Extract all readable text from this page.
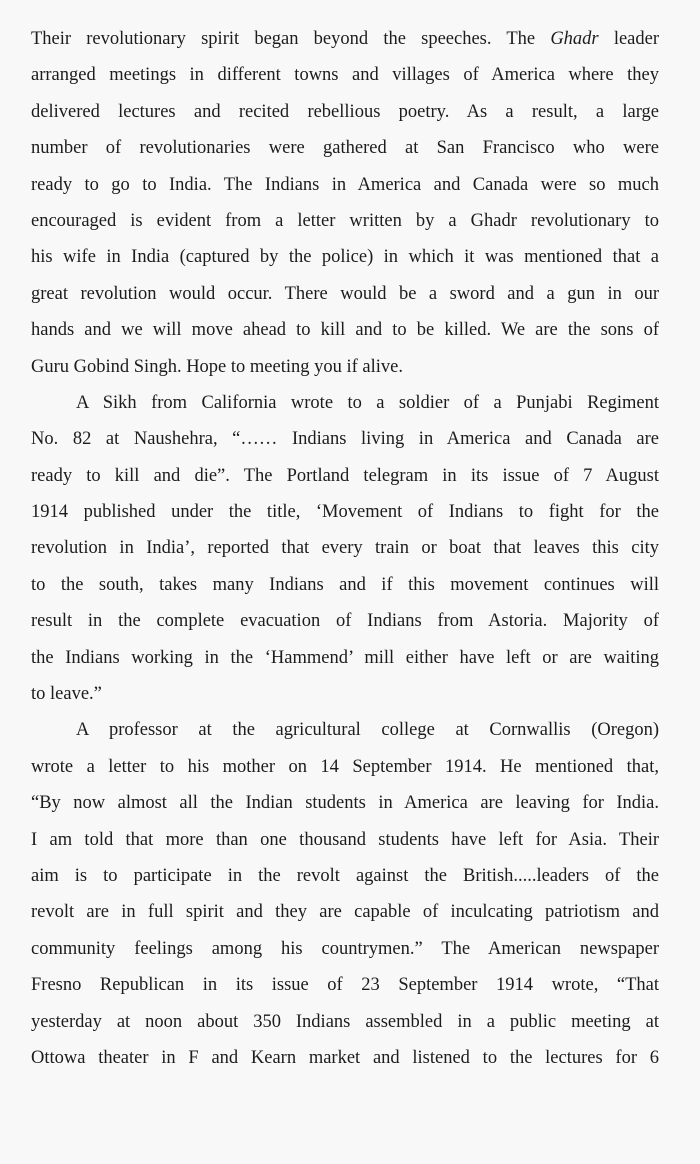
Their revolutionary spirit began beyond the speeches. The Ghadr leader
arranged meetings in different towns and villages of America where they
delivered lectures and recited rebellious poetry. As a result, a large
number of revolutionaries were gathered at San Francisco who were
ready to go to India. The Indians in America and Canada were so much
encouraged is evident from a letter written by a Ghadr revolutionary to
his wife in India (captured by the police) in which it was mentioned that a
great revolution would occur. There would be a sword and a gun in our
hands and we will move ahead to kill and to be killed. We are the sons of
Guru Gobind Singh. Hope to meeting you if alive.
A Sikh from California wrote to a soldier of a Punjabi Regiment
No. 82 at Naushehra, “…… Indians living in America and Canada are
ready to kill and die”. The Portland telegram in its issue of 7 August
1914 published under the title, ‘Movement of Indians to fight for the
revolution in India’, reported that every train or boat that leaves this city
to the south, takes many Indians and if this movement continues will
result in the complete evacuation of Indians from Astoria. Majority of
the Indians working in the ‘Hammend’ mill either have left or are waiting
to leave.”
A professor at the agricultural college at Cornwallis (Oregon)
wrote a letter to his mother on 14 September 1914. He mentioned that,
“By now almost all the Indian students in America are leaving for India.
I am told that more than one thousand students have left for Asia. Their
aim is to participate in the revolt against the British.....leaders of the
revolt are in full spirit and they are capable of inculcating patriotism and
community feelings among his countrymen.” The American newspaper
Fresno Republican in its issue of 23 September 1914 wrote, “That
yesterday at noon about 350 Indians assembled in a public meeting at
Ottowa theater in F and Kearn market and listened to the lectures for 6
